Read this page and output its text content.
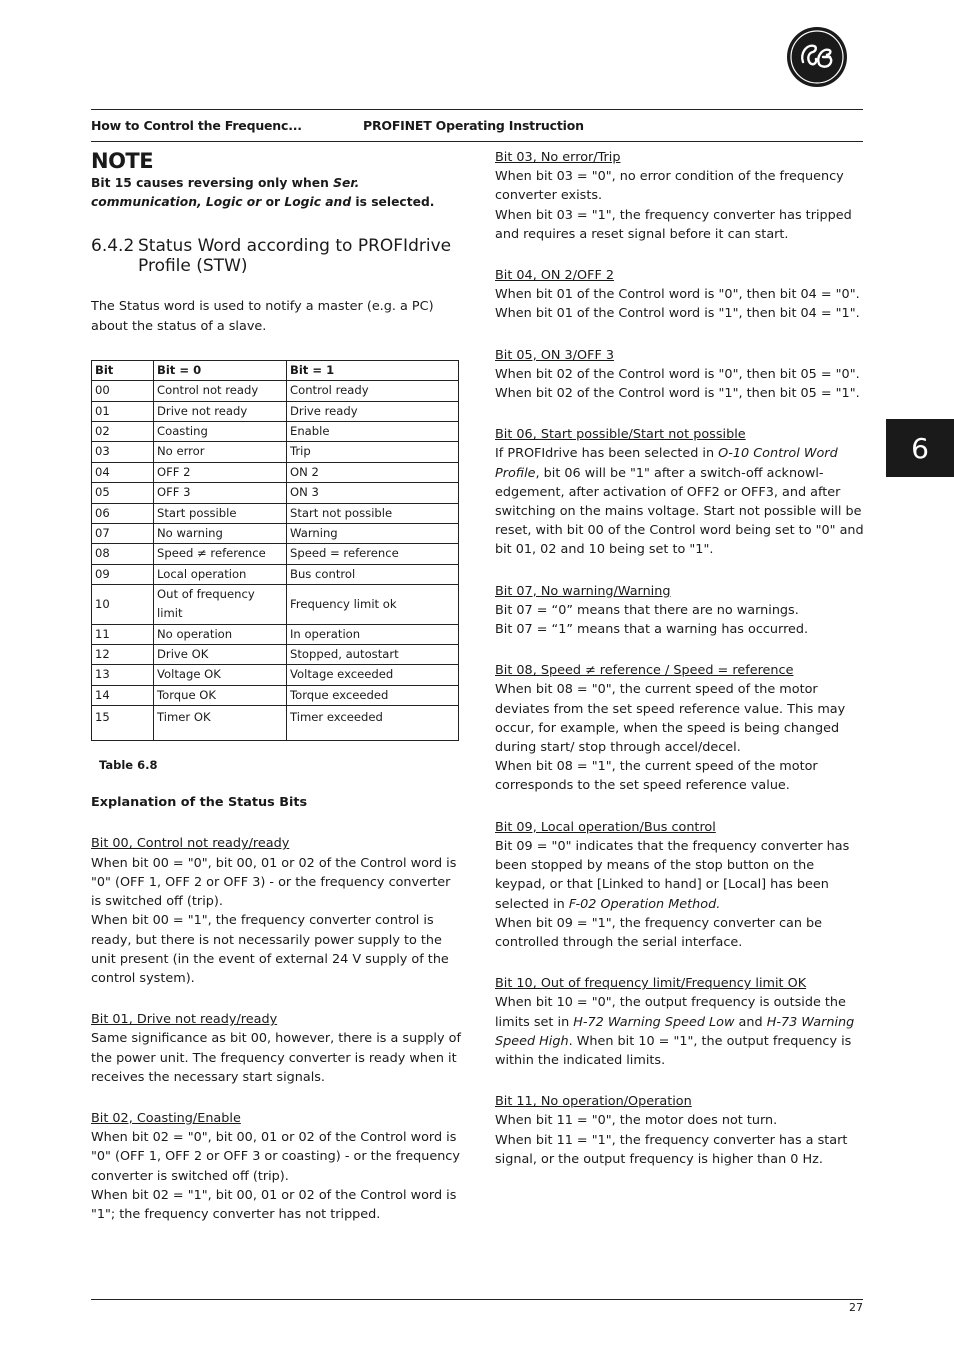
How to Control the Frequenc...	PROFINET Operating Instruction
6
NOTE

Bit 15 causes reversing only when Ser. communication, Logic or or Logic and is selected.

6.4.2 Status Word according to PROFIdrive Profile (STW)

The Status word is used to notify a master (e.g. a PC) about the status of a slave.

Bit	Bit = 0	Bit = 1
00	Control not ready	Control ready
01	Drive not ready	Drive ready
02	Coasting	Enable
03	No error	Trip
04	OFF 2	ON 2
05	OFF 3	ON 3
06	Start possible	Start not possible
07	No warning	Warning
08	Speed ≠ reference	Speed = reference
09	Local operation	Bus control
10	Out of frequency limit	Frequency limit ok
11	No operation	In operation
12	Drive OK	Stopped, autostart
13	Voltage OK	Voltage exceeded
14	Torque OK	Torque exceeded
15	Timer OK	Timer exceeded
Table 6.8

Explanation of the Status Bits

Bit 00, Control not ready/ready

When bit 00 = "0", bit 00, 01 or 02 of the Control word is "0" (OFF 1, OFF 2 or OFF 3) - or the frequency converter is switched off (trip).

When bit 00 = "1", the frequency converter control is ready, but there is not necessarily power supply to the unit present (in the event of external 24 V supply of the control system).

Bit 01, Drive not ready/ready

Same significance as bit 00, however, there is a supply of the power unit. The frequency converter is ready when it receives the necessary start signals.

Bit 02, Coasting/Enable

When bit 02 = "0", bit 00, 01 or 02 of the Control word is "0" (OFF 1, OFF 2 or OFF 3 or coasting) - or the frequency converter is switched off (trip).

When bit 02 = "1", bit 00, 01 or 02 of the Control word is "1"; the frequency converter has not tripped.

Bit 03, No error/Trip

When bit 03 = "0", no error condition of the frequency converter exists.

When bit 03 = "1", the frequency converter has tripped and requires a reset signal before it can start.

Bit 04, ON 2/OFF 2

When bit 01 of the Control word is "0", then bit 04 = "0".

When bit 01 of the Control word is "1", then bit 04 = "1".

Bit 05, ON 3/OFF 3

When bit 02 of the Control word is "0", then bit 05 = "0".

When bit 02 of the Control word is "1", then bit 05 = "1".

Bit 06, Start possible/Start not possible

If PROFIdrive has been selected in O-10 Control Word Profile, bit 06 will be "1" after a switch-off acknowl- edgement, after activation of OFF2 or OFF3, and after switching on the mains voltage. Start not possible will be reset, with bit 00 of the Control word being set to "0" and bit 01, 02 and 10 being set to "1".

Bit 07, No warning/Warning

Bit 07 = “0” means that there are no warnings.

Bit 07 = “1” means that a warning has occurred.

Bit 08, Speed ≠ reference / Speed = reference

When bit 08 = "0", the current speed of the motor deviates from the set speed reference value. This may occur, for example, when the speed is being changed during start/ stop through accel/decel.

When bit 08 = "1", the current speed of the motor corresponds to the set speed reference value.

Bit 09, Local operation/Bus control

Bit 09 = "0" indicates that the frequency converter has been stopped by means of the stop button on the keypad, or that [Linked to hand] or [Local] has been selected in F-02 Operation Method.

When bit 09 = "1", the frequency converter can be controlled through the serial interface.

Bit 10, Out of frequency limit/Frequency limit OK

When bit 10 = "0", the output frequency is outside the limits set in H-72 Warning Speed Low and H-73 Warning Speed High. When bit 10 = "1", the output frequency is within the indicated limits.

Bit 11, No operation/Operation

When bit 11 = "0", the motor does not turn.

When bit 11 = "1", the frequency converter has a start signal, or the output frequency is higher than 0 Hz.

27
